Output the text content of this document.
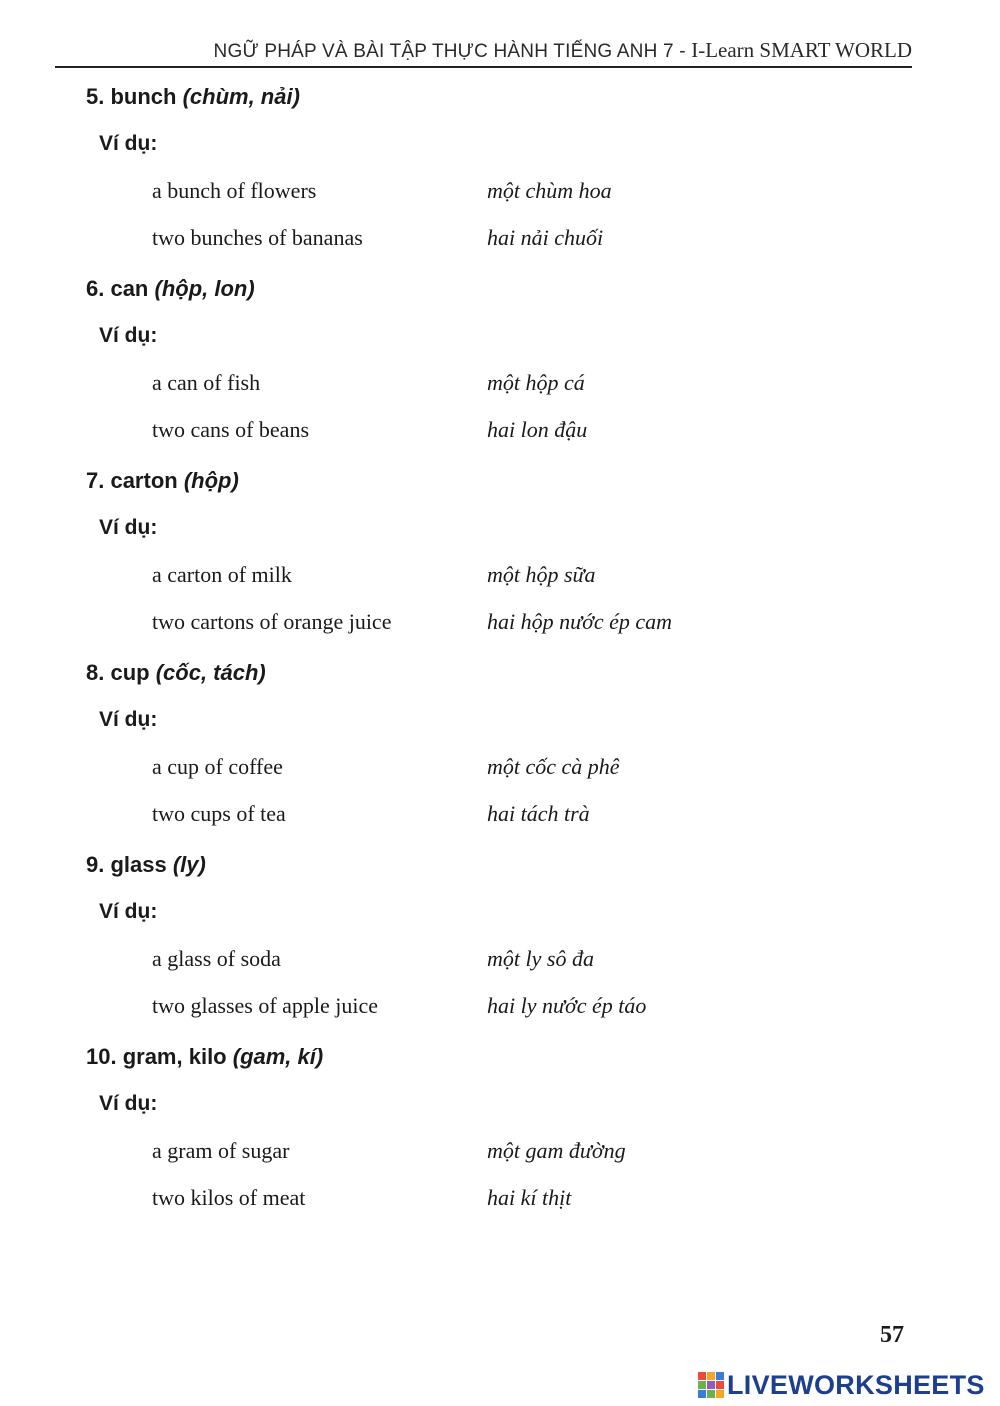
NGỮ PHÁP VÀ BÀI TẬP THỰC HÀNH TIẾNG ANH 7 - I-Learn SMART WORLD
5. bunch (chùm, nải)
Ví dụ:
a bunch of flowers	một chùm hoa
two bunches of bananas	hai nải chuối
6. can (hộp, lon)
Ví dụ:
a can of fish	một hộp cá
two cans of beans	hai lon đậu
7. carton (hộp)
Ví dụ:
a carton of milk	một hộp sữa
two cartons of orange juice	hai hộp nước ép cam
8. cup (cốc, tách)
Ví dụ:
a cup of coffee	một cốc cà phê
two cups of tea	hai tách trà
9. glass (ly)
Ví dụ:
a glass of soda	một ly sô đa
two glasses of apple juice	hai ly nước ép táo
10. gram, kilo (gam, kí)
Ví dụ:
a gram of sugar	một gam đường
two kilos of meat	hai kí thịt
57
LIVEWORKSHEETS
